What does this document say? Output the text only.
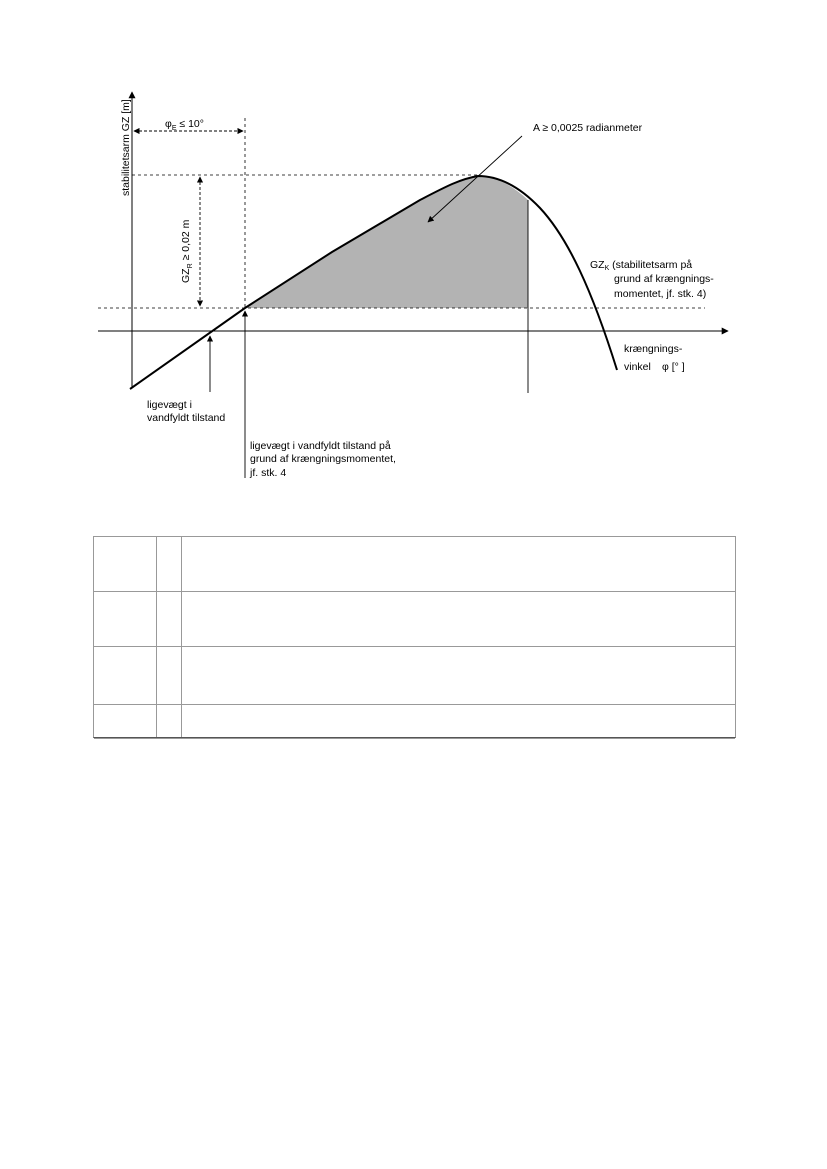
stabilitetsarm GZ [m]	$\varphi_E \le 10^\circ$
$GZ_R \ge 0,02$ m
A ≥ 0,0025 radianmeter
GZK (stabilitetsarm på
grund af krængnings-
momentet, jf. stk. 4)
krængnings-
vinkel φ [° ]
ligevægt i
vandfyldt tilstand
ligevægt i vandfyldt tilstand på
grund af krængningsmomentet,
jf. stk. 4
